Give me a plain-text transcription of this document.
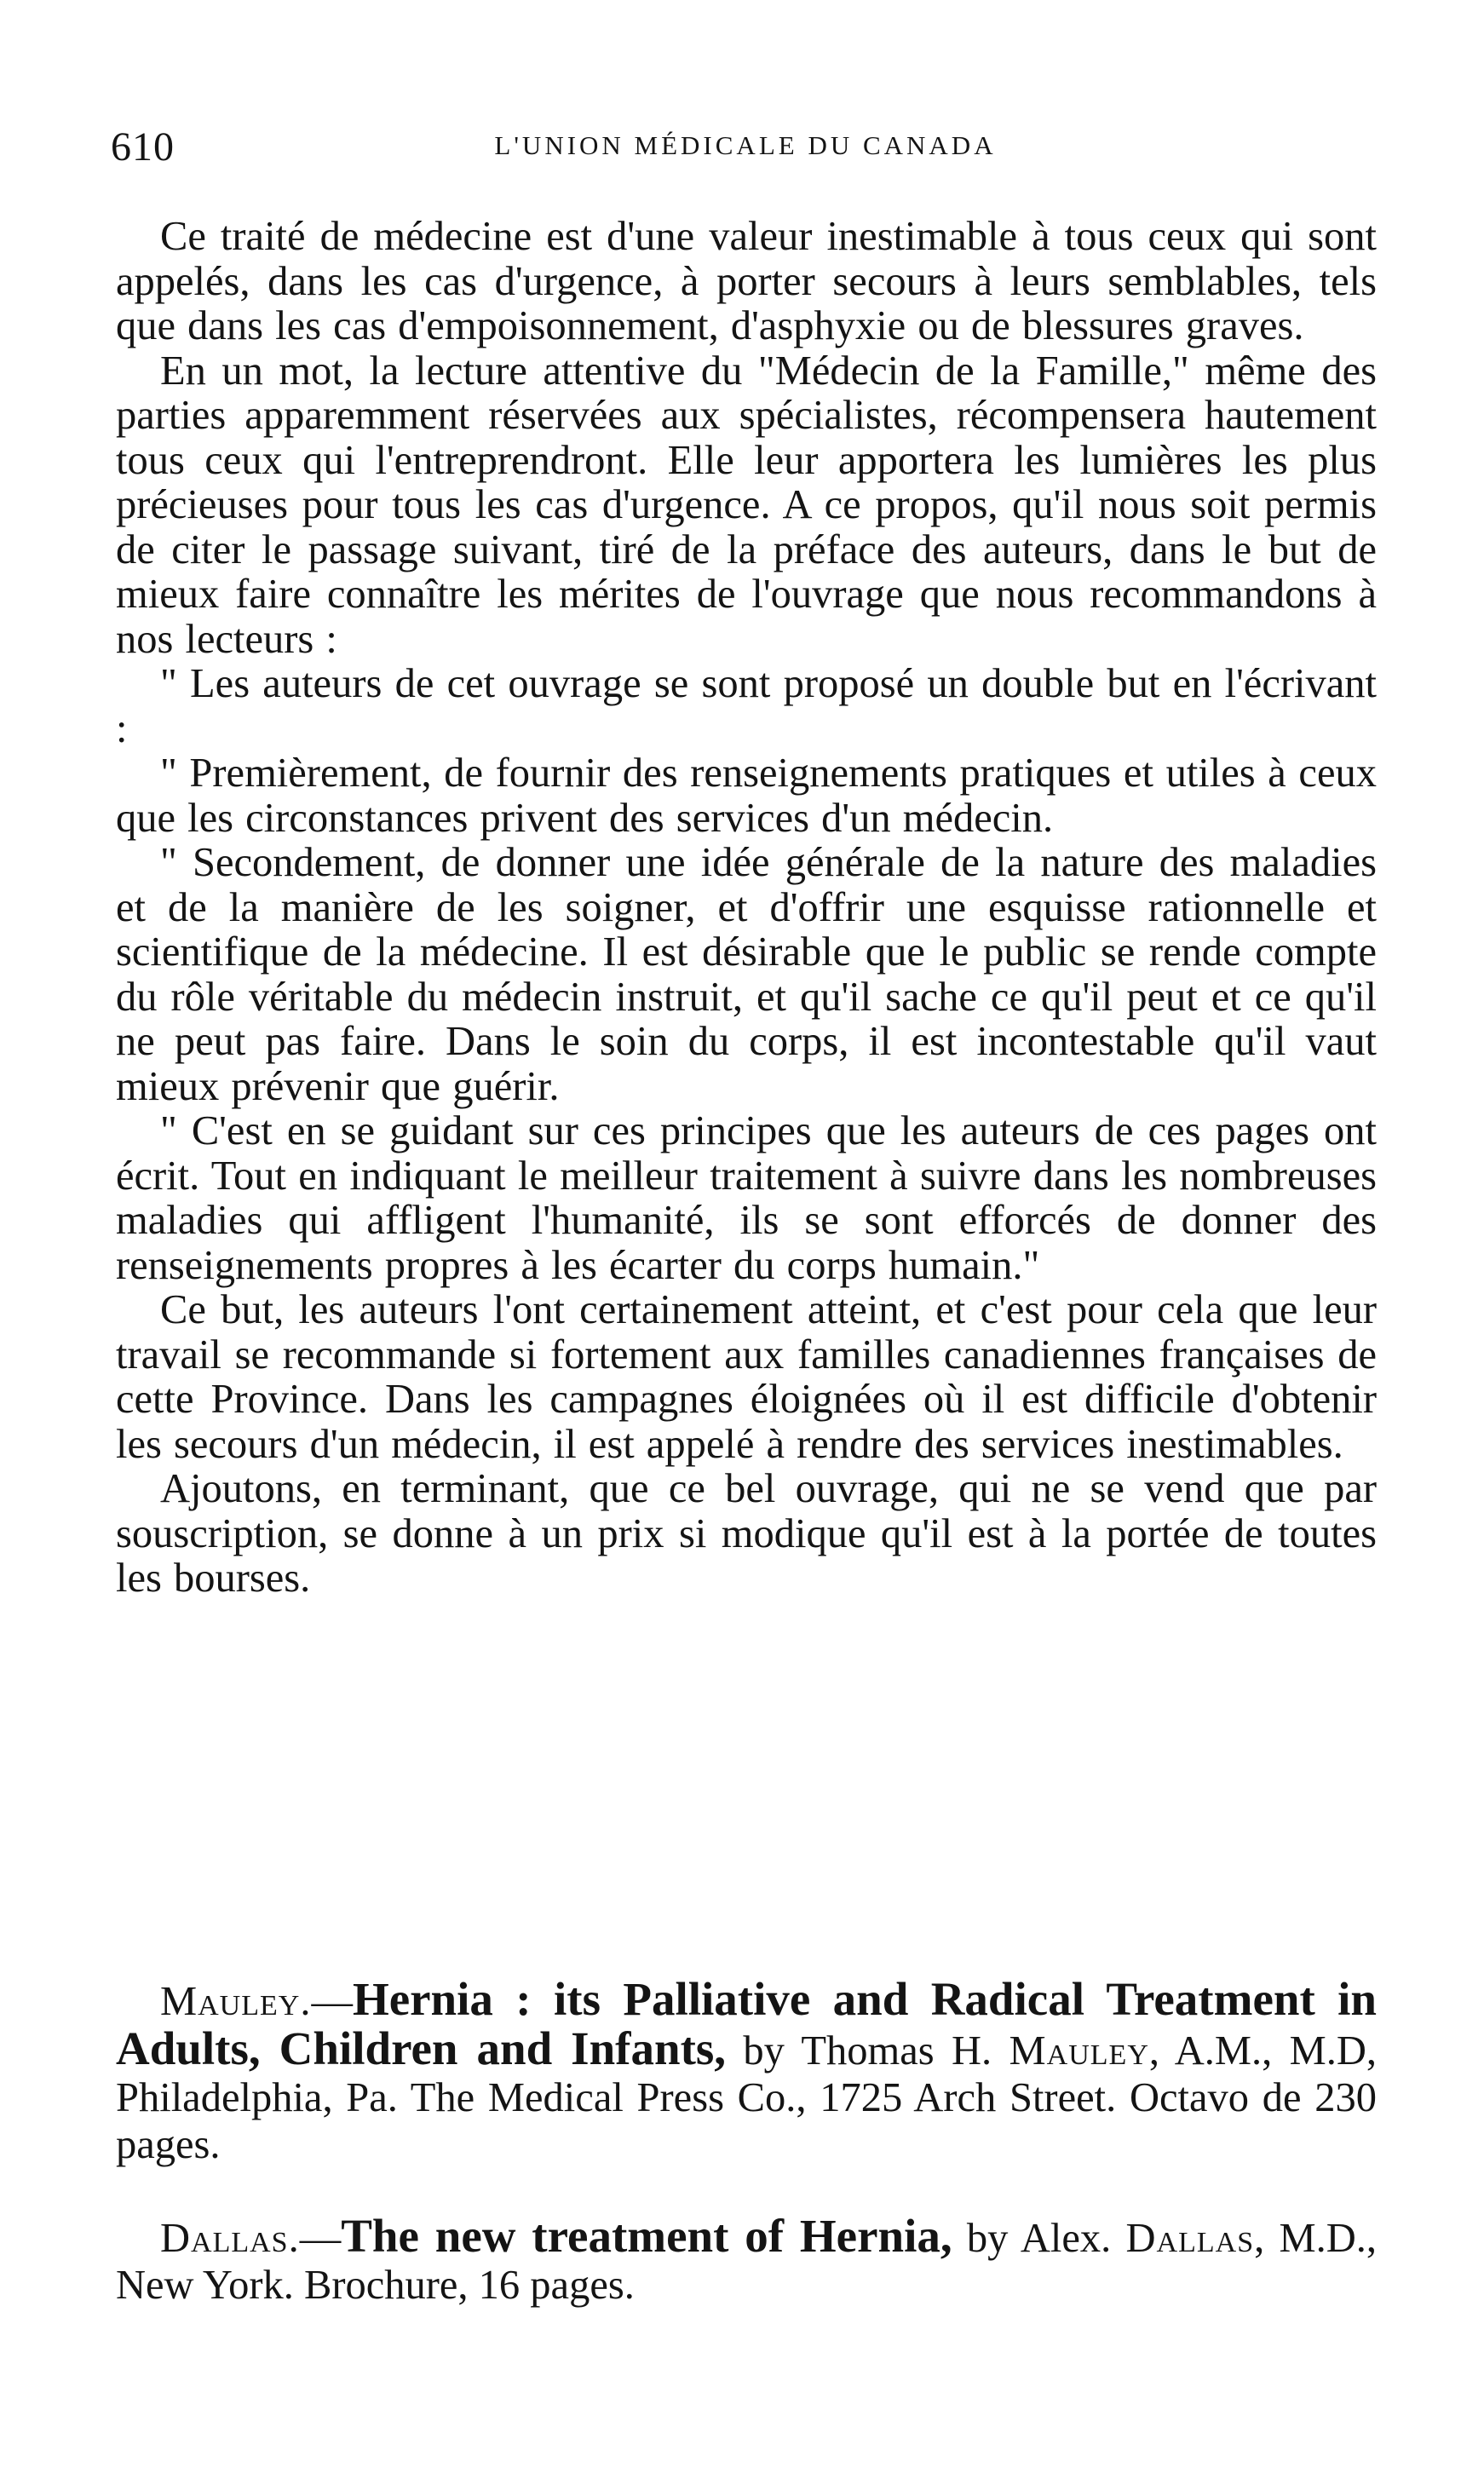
610	L'UNION MÉDICALE DU CANADA

Ce traité de médecine est d'une valeur inestimable à tous ceux qui sont appelés, dans les cas d'urgence, à porter secours à leurs semblables, tels que dans les cas d'empoisonnement, d'asphyxie ou de blessures graves.

En un mot, la lecture attentive du "Médecin de la Famille," même des parties apparemment réservées aux spécialistes, récompensera hautement tous ceux qui l'entreprendront. Elle leur apportera les lumières les plus précieuses pour tous les cas d'urgence. A ce propos, qu'il nous soit permis de citer le passage suivant, tiré de la préface des auteurs, dans le but de mieux faire connaître les mérites de l'ouvrage que nous recommandons à nos lecteurs :

" Les auteurs de cet ouvrage se sont proposé un double but en l'écrivant :

" Premièrement, de fournir des renseignements pratiques et utiles à ceux que les circonstances privent des services d'un médecin.

" Secondement, de donner une idée générale de la nature des maladies et de la manière de les soigner, et d'offrir une esquisse rationnelle et scientifique de la médecine. Il est désirable que le public se rende compte du rôle véritable du médecin instruit, et qu'il sache ce qu'il peut et ce qu'il ne peut pas faire. Dans le soin du corps, il est incontestable qu'il vaut mieux prévenir que guérir.

" C'est en se guidant sur ces principes que les auteurs de ces pages ont écrit. Tout en indiquant le meilleur traitement à suivre dans les nombreuses maladies qui affligent l'humanité, ils se sont efforcés de donner des renseignements propres à les écarter du corps humain."

Ce but, les auteurs l'ont certainement atteint, et c'est pour cela que leur travail se recommande si fortement aux familles canadiennes françaises de cette Province. Dans les campagnes éloignées où il est difficile d'obtenir les secours d'un médecin, il est appelé à rendre des services inestimables.

Ajoutons, en terminant, que ce bel ouvrage, qui ne se vend que par souscription, se donne à un prix si modique qu'il est à la portée de toutes les bourses.

Mauley.—Hernia : its Palliative and Radical Treatment in Adults, Children and Infants, by Thomas H. Mauley, A.M., M.D, Philadelphia, Pa. The Medical Press Co., 1725 Arch Street. Octavo de 230 pages.

Dallas.—The new treatment of Hernia, by Alex. Dallas, M.D., New York. Brochure, 16 pages.
